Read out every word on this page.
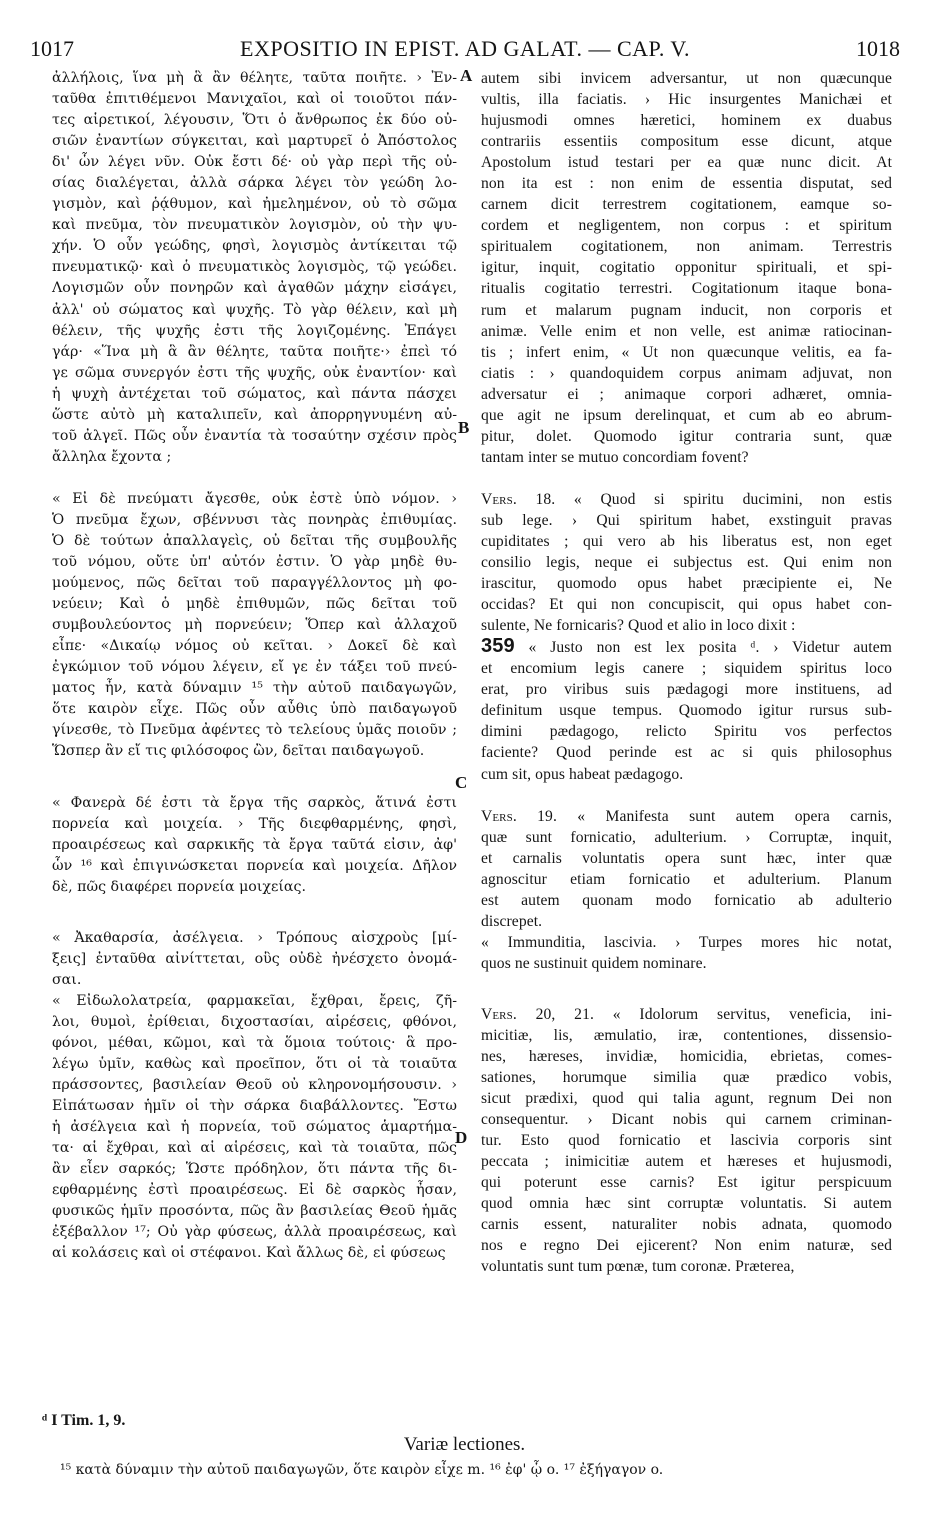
EXPOSITIO IN EPIST. AD GALAT. — CAP. V.
1017	1018

ἀλλήλοις, ἵνα μὴ ἃ ἂν θέλητε, ταῦτα ποιῆτε. › Ἐν-

ταῦθα ἐπιτιθέμενοι Μανιχαῖοι, καὶ οἱ τοιοῦτοι πάν-

τες αἱρετικοί, λέγουσιν, Ὅτι ὁ ἄνθρωπος ἐκ δύο οὐ-

σιῶν ἐναντίων σύγκειται, καὶ μαρτυρεῖ ὁ Ἀπόστολος

δι' ὧν λέγει νῦν. Οὐκ ἔστι δέ· οὐ γὰρ περὶ τῆς οὐ-

σίας διαλέγεται, ἀλλὰ σάρκα λέγει τὸν γεώδη λο-

γισμὸν, καὶ ῥᾴθυμον, καὶ ἠμελημένον, οὐ τὸ σῶμα

καὶ πνεῦμα, τὸν πνευματικὸν λογισμὸν, οὐ τὴν ψυ-

χήν. Ὁ οὖν γεώδης, φησὶ, λογισμὸς ἀντίκειται τῷ

πνευματικῷ· καὶ ὁ πνευματικὸς λογισμὸς, τῷ γεώδει.

Λογισμῶν οὖν πονηρῶν καὶ ἀγαθῶν μάχην εἰσάγει,

ἀλλ' οὐ σώματος καὶ ψυχῆς. Τὸ γὰρ θέλειν, καὶ μὴ

θέλειν, τῆς ψυχῆς ἐστι τῆς λογιζομένης. Ἐπάγει

γάρ· «Ἵνα μὴ ἃ ἂν θέλητε, ταῦτα ποιῆτε·› ἐπεὶ τό

γε σῶμα συνεργόν ἐστι τῆς ψυχῆς, οὐκ ἐναντίον· καὶ

ἡ ψυχὴ ἀντέχεται τοῦ σώματος, καὶ πάντα πάσχει

ὥστε αὐτὸ μὴ καταλιπεῖν, καὶ ἀπορρηγνυμένη αὐ-

τοῦ ἀλγεῖ. Πῶς οὖν ἐναντία τὰ τοσαύτην σχέσιν πρὸς

ἄλληλα ἔχοντα ;

« Εἰ δὲ πνεύματι ἄγεσθε, οὐκ ἐστὲ ὑπὸ νόμον. ›

Ὁ πνεῦμα ἔχων, σβέννυσι τὰς πονηρὰς ἐπιθυμίας.

Ὁ δὲ τούτων ἀπαλλαγεὶς, οὐ δεῖται τῆς συμβουλῆς

τοῦ νόμου, οὔτε ὑπ' αὐτόν ἐστιν. Ὁ γὰρ μηδὲ θυ-

μούμενος, πῶς δεῖται τοῦ παραγγέλλοντος μὴ φο-

νεύειν; Καὶ ὁ μηδὲ ἐπιθυμῶν, πῶς δεῖται τοῦ

συμβουλεύοντος μὴ πορνεύειν; Ὅπερ καὶ ἀλλαχοῦ

εἶπε· «Δικαίῳ νόμος οὐ κεῖται. › Δοκεῖ δὲ καὶ

ἐγκώμιον τοῦ νόμου λέγειν, εἴ γε ἐν τάξει τοῦ πνεύ-

ματος ἦν, κατὰ δύναμιν ¹⁵ τὴν αὐτοῦ παιδαγωγῶν,

ὅτε καιρὸν εἶχε. Πῶς οὖν αὖθις ὑπὸ παιδαγωγοῦ

γίνεσθε, τὸ Πνεῦμα ἀφέντες τὸ τελείους ὑμᾶς ποιοῦν ;

Ὥσπερ ἂν εἴ τις φιλόσοφος ὢν, δεῖται παιδαγωγοῦ.

« Φανερὰ δέ ἐστι τὰ ἔργα τῆς σαρκὸς, ἅτινά ἐστι

πορνεία καὶ μοιχεία. › Τῆς διεφθαρμένης, φησὶ,

προαιρέσεως καὶ σαρκικῆς τὰ ἔργα ταῦτά εἰσιν, ἀφ'

ὧν ¹⁶ καὶ ἐπιγινώσκεται πορνεία καὶ μοιχεία. Δῆλον

δὲ, πῶς διαφέρει πορνεία μοιχείας.

« Ἀκαθαρσία, ἀσέλγεια. › Τρόπους αἰσχροὺς [μί-

ξεις] ἐνταῦθα αἰνίττεται, οὓς οὐδὲ ἠνέσχετο ὀνομά-

σαι.

« Εἰδωλολατρεία, φαρμακεῖαι, ἔχθραι, ἔρεις, ζῆ-

λοι, θυμοὶ, ἐρίθειαι, διχοστασίαι, αἱρέσεις, φθόνοι,

φόνοι, μέθαι, κῶμοι, καὶ τὰ ὅμοια τούτοις· ἃ προ-

λέγω ὑμῖν, καθὼς καὶ προεῖπον, ὅτι οἱ τὰ τοιαῦτα

πράσσοντες, βασιλείαν Θεοῦ οὐ κληρονομήσουσιν. ›

Εἰπάτωσαν ἡμῖν οἱ τὴν σάρκα διαβάλλοντες. Ἔστω

ἡ ἀσέλγεια καὶ ἡ πορνεία, τοῦ σώματος ἁμαρτήμα-

τα· αἱ ἔχθραι, καὶ αἱ αἱρέσεις, καὶ τὰ τοιαῦτα, πῶς

ἂν εἶεν σαρκός; Ὥστε πρόδηλον, ὅτι πάντα τῆς δι-

εφθαρμένης ἐστὶ προαιρέσεως. Εἰ δὲ σαρκὸς ἦσαν,

φυσικῶς ἡμῖν προσόντα, πῶς ἂν βασιλείας Θεοῦ ἡμᾶς

ἐξέβαλλον ¹⁷; Οὐ γὰρ φύσεως, ἀλλὰ προαιρέσεως, καὶ

αἱ κολάσεις καὶ οἱ στέφανοι. Καὶ ἄλλως δὲ, εἰ φύσεως

autem sibi invicem adversantur, ut non quæcunque

vultis, illa faciatis. › Hic insurgentes Manichæi et

hujusmodi omnes hæretici, hominem ex duabus

contrariis essentiis compositum esse dicunt, atque

Apostolum istud testari per ea quæ nunc dicit. At

non ita est : non enim de essentia disputat, sed

carnem dicit terrestrem cogitationem, eamque so-

cordem et negligentem, non corpus : et spiritum

spiritualem cogitationem, non animam. Terrestris

igitur, inquit, cogitatio opponitur spirituali, et spi-

ritualis cogitatio terrestri. Cogitationum itaque bona-

rum et malarum pugnam inducit, non corporis et

animæ. Velle enim et non velle, est animæ ratiocinan-

tis ; infert enim, « Ut non quæcunque velitis, ea fa-

ciatis : › quandoquidem corpus animam adjuvat, non

adversatur ei ; animaque corpori adhæret, omnia-

que agit ne ipsum derelinquat, et cum ab eo abrum-

pitur, dolet. Quomodo igitur contraria sunt, quæ

tantam inter se mutuo concordiam fovent?

Vers. 18. « Quod si spiritu ducimini, non estis

sub lege. › Qui spiritum habet, exstinguit pravas

cupiditates ; qui vero ab his liberatus est, non eget

consilio legis, neque ei subjectus est. Qui enim non

irascitur, quomodo opus habet præcipiente ei, Ne

occidas? Et qui non concupiscit, qui opus habet con-

sulente, Ne fornicaris? Quod et alio in loco dixit :

359 « Justo non est lex posita ᵈ. › Videtur autem

et encomium legis canere ; siquidem spiritus loco

erat, pro viribus suis pædagogi more instituens, ad

definitum usque tempus. Quomodo igitur rursus sub-

dimini pædagogo, relicto Spiritu vos perfectos

faciente? Quod perinde est ac si quis philosophus

cum sit, opus habeat pædagogo.

Vers. 19. « Manifesta sunt autem opera carnis,

quæ sunt fornicatio, adulterium. › Corruptæ, inquit,

et carnalis voluntatis opera sunt hæc, inter quæ

agnoscitur etiam fornicatio et adulterium. Planum

est autem quonam modo fornicatio ab adulterio

discrepet.

« Immunditia, lascivia. › Turpes mores hic notat,

quos ne sustinuit quidem nominare.

Vers. 20, 21. « Idolorum servitus, veneficia, ini-

micitiæ, lis, æmulatio, iræ, contentiones, dissensio-

nes, hæreses, invidiæ, homicidia, ebrietas, comes-

sationes, horumque similia quæ prædico vobis,

sicut prædixi, quod qui talia agunt, regnum Dei non

consequentur. › Dicant nobis qui carnem criminan-

tur. Esto quod fornicatio et lascivia corporis sint

peccata ; inimicitiæ autem et hæreses et hujusmodi,

qui poterunt esse carnis? Est igitur perspicuum

quod omnia hæc sint corruptæ voluntatis. Si autem

carnis essent, naturaliter nobis adnata, quomodo

nos e regno Dei ejicerent? Non enim naturæ, sed

voluntatis sunt tum pœnæ, tum coronæ. Præterea,

A
B
C
D
ᵈ I Tim. 1, 9.
Variæ lectiones.
¹⁵ κατὰ δύναμιν τὴν αὐτοῦ παιδαγωγῶν, ὅτε καιρὸν εἶχε m. ¹⁶ ἐφ' ᾧ o. ¹⁷ ἐξήγαγον o.
